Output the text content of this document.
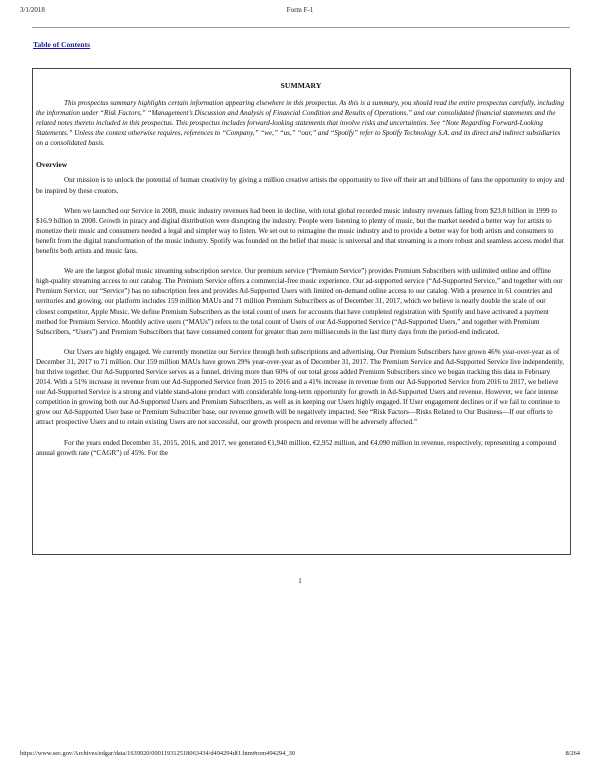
3/1/2018	Form F-1
Table of Contents
SUMMARY

This prospectus summary highlights certain information appearing elsewhere in this prospectus. As this is a summary, you should read the entire prospectus carefully, including the information under “Risk Factors,” “Management’s Discussion and Analysis of Financial Condition and Results of Operations,” and our consolidated financial statements and the related notes thereto included in this prospectus. This prospectus includes forward-looking statements that involve risks and uncertainties. See “Note Regarding Forward-Looking Statements.” Unless the context otherwise requires, references to “Company,” “we,” “us,” “our,” and “Spotify” refer to Spotify Technology S.A. and its direct and indirect subsidiaries on a consolidated basis.

Overview

Our mission is to unlock the potential of human creativity by giving a million creative artists the opportunity to live off their art and billions of fans the opportunity to enjoy and be inspired by these creators.

When we launched our Service in 2008, music industry revenues had been in decline, with total global recorded music industry revenues falling from $23.8 billion in 1999 to $16.9 billion in 2008. Growth in piracy and digital distribution were disrupting the industry. People were listening to plenty of music, but the market needed a better way for artists to monetize their music and consumers needed a legal and simpler way to listen. We set out to reimagine the music industry and to provide a better way for both artists and consumers to benefit from the digital transformation of the music industry. Spotify was founded on the belief that music is universal and that streaming is a more robust and seamless access model that benefits both artists and music fans.

We are the largest global music streaming subscription service. Our premium service (“Premium Service”) provides Premium Subscribers with unlimited online and offline high-quality streaming access to our catalog. The Premium Service offers a commercial-free music experience. Our ad-supported service (“Ad-Supported Service,” and together with our Premium Service, our “Service”) has no subscription fees and provides Ad-Supported Users with limited on-demand online access to our catalog. With a presence in 61 countries and territories and growing, our platform includes 159 million MAUs and 71 million Premium Subscribers as of December 31, 2017, which we believe is nearly double the scale of our closest competitor, Apple Music. We define Premium Subscribers as the total count of users for accounts that have completed registration with Spotify and have activated a payment method for Premium Service. Monthly active users (“MAUs”) refers to the total count of Users of our Ad-Supported Service (“Ad-Supported Users,” and together with Premium Subscribers, “Users”) and Premium Subscribers that have consumed content for greater than zero milliseconds in the last thirty days from the period-end indicated.

Our Users are highly engaged. We currently monetize our Service through both subscriptions and advertising. Our Premium Subscribers have grown 46% year-over-year as of December 31, 2017 to 71 million. Our 159 million MAUs have grown 29% year-over-year as of December 31, 2017. The Premium Service and Ad-Supported Service live independently, but thrive together. Our Ad-Supported Service serves as a funnel, driving more than 60% of our total gross added Premium Subscribers since we began tracking this data in February 2014. With a 51% increase in revenue from our Ad-Supported Service from 2015 to 2016 and a 41% increase in revenue from our Ad-Supported Service from 2016 to 2017, we believe our Ad-Supported Service is a strong and viable stand-alone product with considerable long-term opportunity for growth in Ad-Supported Users and revenue. However, we face intense competition in growing both our Ad-Supported Users and Premium Subscribers, as well as in keeping our Users highly engaged. If User engagement declines or if we fail to continue to grow our Ad-Supported User base or Premium Subscriber base, our revenue growth will be negatively impacted. See “Risk Factors—Risks Related to Our Business—If our efforts to attract prospective Users and to retain existing Users are not successful, our growth prospects and revenue will be adversely affected.”

For the years ended December 31, 2015, 2016, and 2017, we generated €1,940 million, €2,952 million, and €4,090 million in revenue, respectively, representing a compound annual growth rate (“CAGR”) of 45%. For the

1
https://www.sec.gov/Archives/edgar/data/1639920/000119312518063434/d494294df1.htm#rom494294_30	8/264
